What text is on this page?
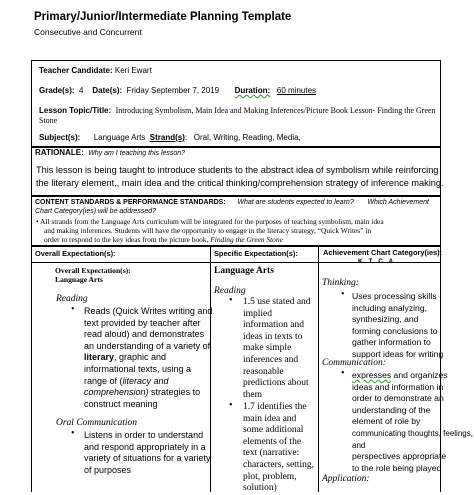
Primary/Junior/Intermediate Planning Template
Consecutive and Concurrent
Teacher Candidate: Keri Ewart
Grade(s): 4 Date(s): Friday September 7, 2019 Duration: 60 minutes
Lesson Topic/Title: Introducing Symbolism, Main Idea and Making Inferences/Picture Book Lesson- Finding the Green
Stone
Subject(s): Language Arts Strand(s):   Oral, Writing, Reading, Media,
RATIONALE: Why am I teaching this lesson?
This lesson is being taught to introduce students to the abstract idea of symbolism while reinforcing
the literary element,, main idea and the critical thinking/comprehension strategy of inference making.
CONTENT STANDARDS & PERFORMANCE STANDARDS: What are students expected to learn? Which Achievement
Chart Category(ies) will be addressed?
• All strands from the Language Arts curriculum will be integrated for the purposes of teaching symbolism, main idea
and making inferences. Students will have the opportunity to engage in the literacy strategy, “Quick Writes” in
order to respond to the key ideas from the picture book, Finding the Green Stone
Overall Expectation(s):	Specific Expectation(s):	Achievement Chart Category(ies):
K T C A
Overall Expectation(s):
Language Arts
Reading
• Reads (Quick Writes writing and
text provided by teacher after
read aloud) and demonstrates
an understanding of a variety of
literary, graphic and
informational texts, using a
range of (literacy and
comprehension) strategies to
construct meaning
Oral Communication
• Listens in order to understand
and respond appropriately in a
variety of situations for a variety
of purposes
Language Arts
Reading
• 1.5 use stated and
implied
information and
ideas in texts to
make simple
inferences and
reasonable
predictions about
them
• 1.7 identifies the
main idea and
some additional
elements of the
text (narrative:
characters, setting,
plot, problem,
solution)
Thinking:
• Uses processing skills
including analyzing,
synthesizing, and
forming conclusions to
gather information to
support ideas for writing
Communication:
• expresses and organizes
ideas and information in
order to demonstrate an
understanding of the
element of role by
communicating thoughts, feelings, and
perspectives appropriate
to the role being played
Application:
